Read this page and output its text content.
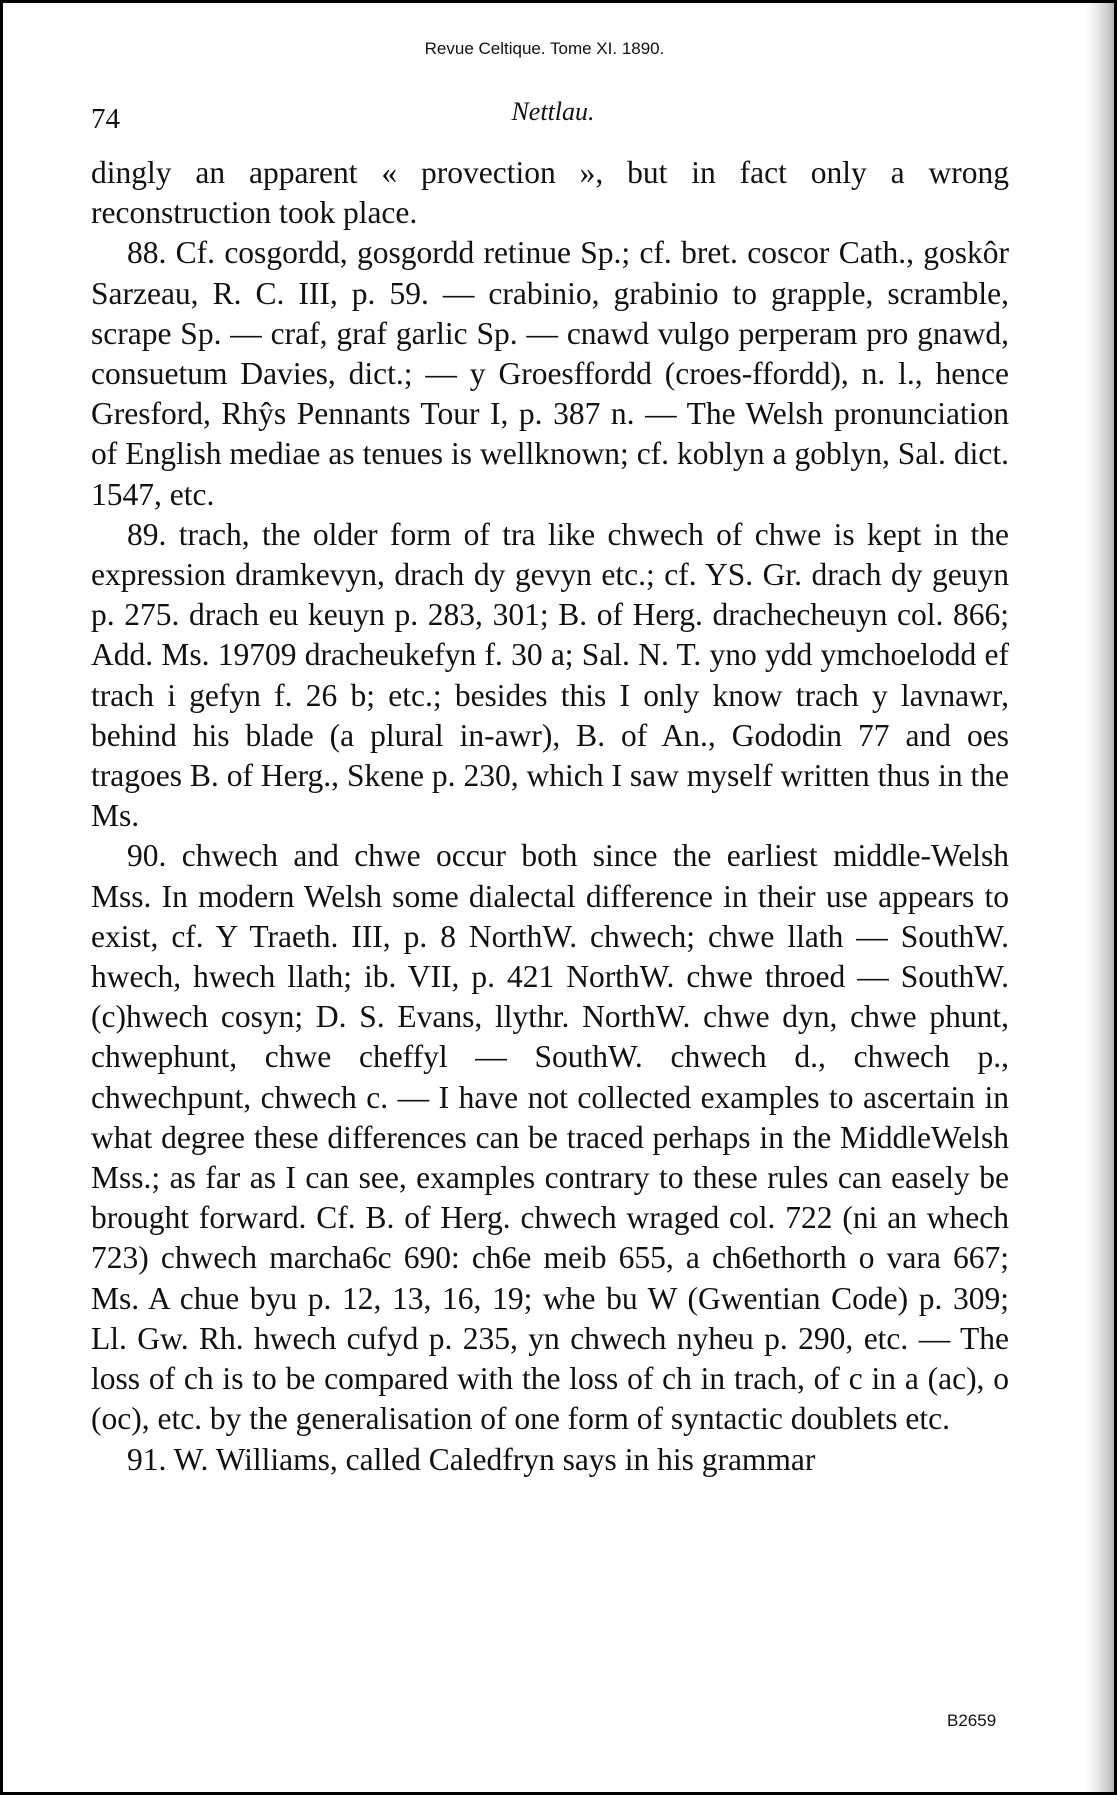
Revue Celtique. Tome XI. 1890.
74	Nettlau.

dingly an apparent « provection », but in fact only a wrong reconstruction took place.

88. Cf. cosgordd, gosgordd retinue Sp.; cf. bret. coscor Cath., goskôr Sarzeau, R. C. III, p. 59. — crabinio, grabinio to grapple, scramble, scrape Sp. — craf, graf garlic Sp. — cnawd vulgo perperam pro gnawd, consuetum Davies, dict.; — y Groesffordd (croes-ffordd), n. l., hence Gresford, Rhŷs Pennants Tour I, p. 387 n. — The Welsh pronunciation of English mediae as tenues is wellknown; cf. koblyn a goblyn, Sal. dict. 1547, etc.

89. trach, the older form of tra like chwech of chwe is kept in the expression dramkevyn, drach dy gevyn etc.; cf. YS. Gr. drach dy geuyn p. 275. drach eu keuyn p. 283, 301; B. of Herg. drachecheuyn col. 866; Add. Ms. 19709 dracheukefyn f. 30 a; Sal. N. T. yno ydd ymchoelodd ef trach i gefyn f. 26 b; etc.; besides this I only know trach y lavnawr, behind his blade (a plural in-awr), B. of An., Gododin 77 and oes tragoes B. of Herg., Skene p. 230, which I saw myself written thus in the Ms.

90. chwech and chwe occur both since the earliest middle-Welsh Mss. In modern Welsh some dialectal difference in their use appears to exist, cf. Y Traeth. III, p. 8 NorthW. chwech; chwe llath — SouthW. hwech, hwech llath; ib. VII, p. 421 NorthW. chwe throed — SouthW. (c)hwech cosyn; D. S. Evans, llythr. NorthW. chwe dyn, chwe phunt, chwephunt, chwe cheffyl — SouthW. chwech d., chwech p., chwechpunt, chwech c. — I have not collected examples to ascertain in what degree these differences can be traced perhaps in the MiddleWelsh Mss.; as far as I can see, examples contrary to these rules can easely be brought forward. Cf. B. of Herg. chwech wraged col. 722 (ni an whech 723) chwech marcha6c 690: ch6e meib 655, a ch6ethorth o vara 667; Ms. A chue byu p. 12, 13, 16, 19; whe bu W (Gwentian Code) p. 309; Ll. Gw. Rh. hwech cufyd p. 235, yn chwech nyheu p. 290, etc. — The loss of ch is to be compared with the loss of ch in trach, of c in a (ac), o (oc), etc. by the generalisation of one form of syntactic doublets etc.

91. W. Williams, called Caledfryn says in his grammar

B2659
